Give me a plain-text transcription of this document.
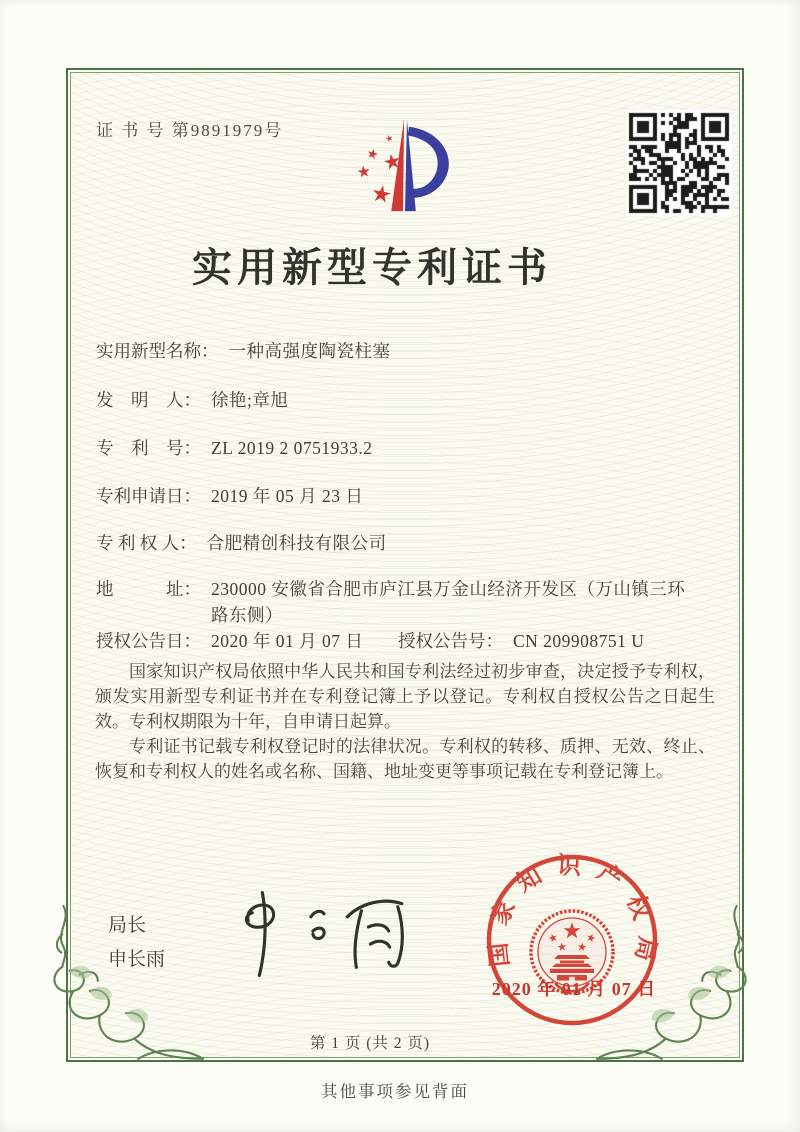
证 书 号 第9891979号
实用新型专利证书
实用新型名称： 一种高强度陶瓷柱塞
发　明　人： 徐艳;章旭
专　利　号： ZL 2019 2 0751933.2
专利申请日： 2019 年 05 月 23 日
专 利 权 人： 合肥精创科技有限公司
地　　　址： 230000 安徽省合肥市庐江县万金山经济开发区（万山镇三环路东侧）
授权公告日： 2020 年 01 月 07 日 授权公告号： CN 209908751 U

国家知识产权局依照中华人民共和国专利法经过初步审查，决定授予专利权，颁发实用新型专利证书并在专利登记簿上予以登记。专利权自授权公告之日起生效。专利权期限为十年，自申请日起算。

专利证书记载专利权登记时的法律状况。专利权的转移、质押、无效、终止、恢复和专利权人的姓名或名称、国籍、地址变更等事项记载在专利登记簿上。

局长
申长雨	国家知识产权局
2020 年 01 月 07 日
第 1 页 (共 2 页)
其他事项参见背面
